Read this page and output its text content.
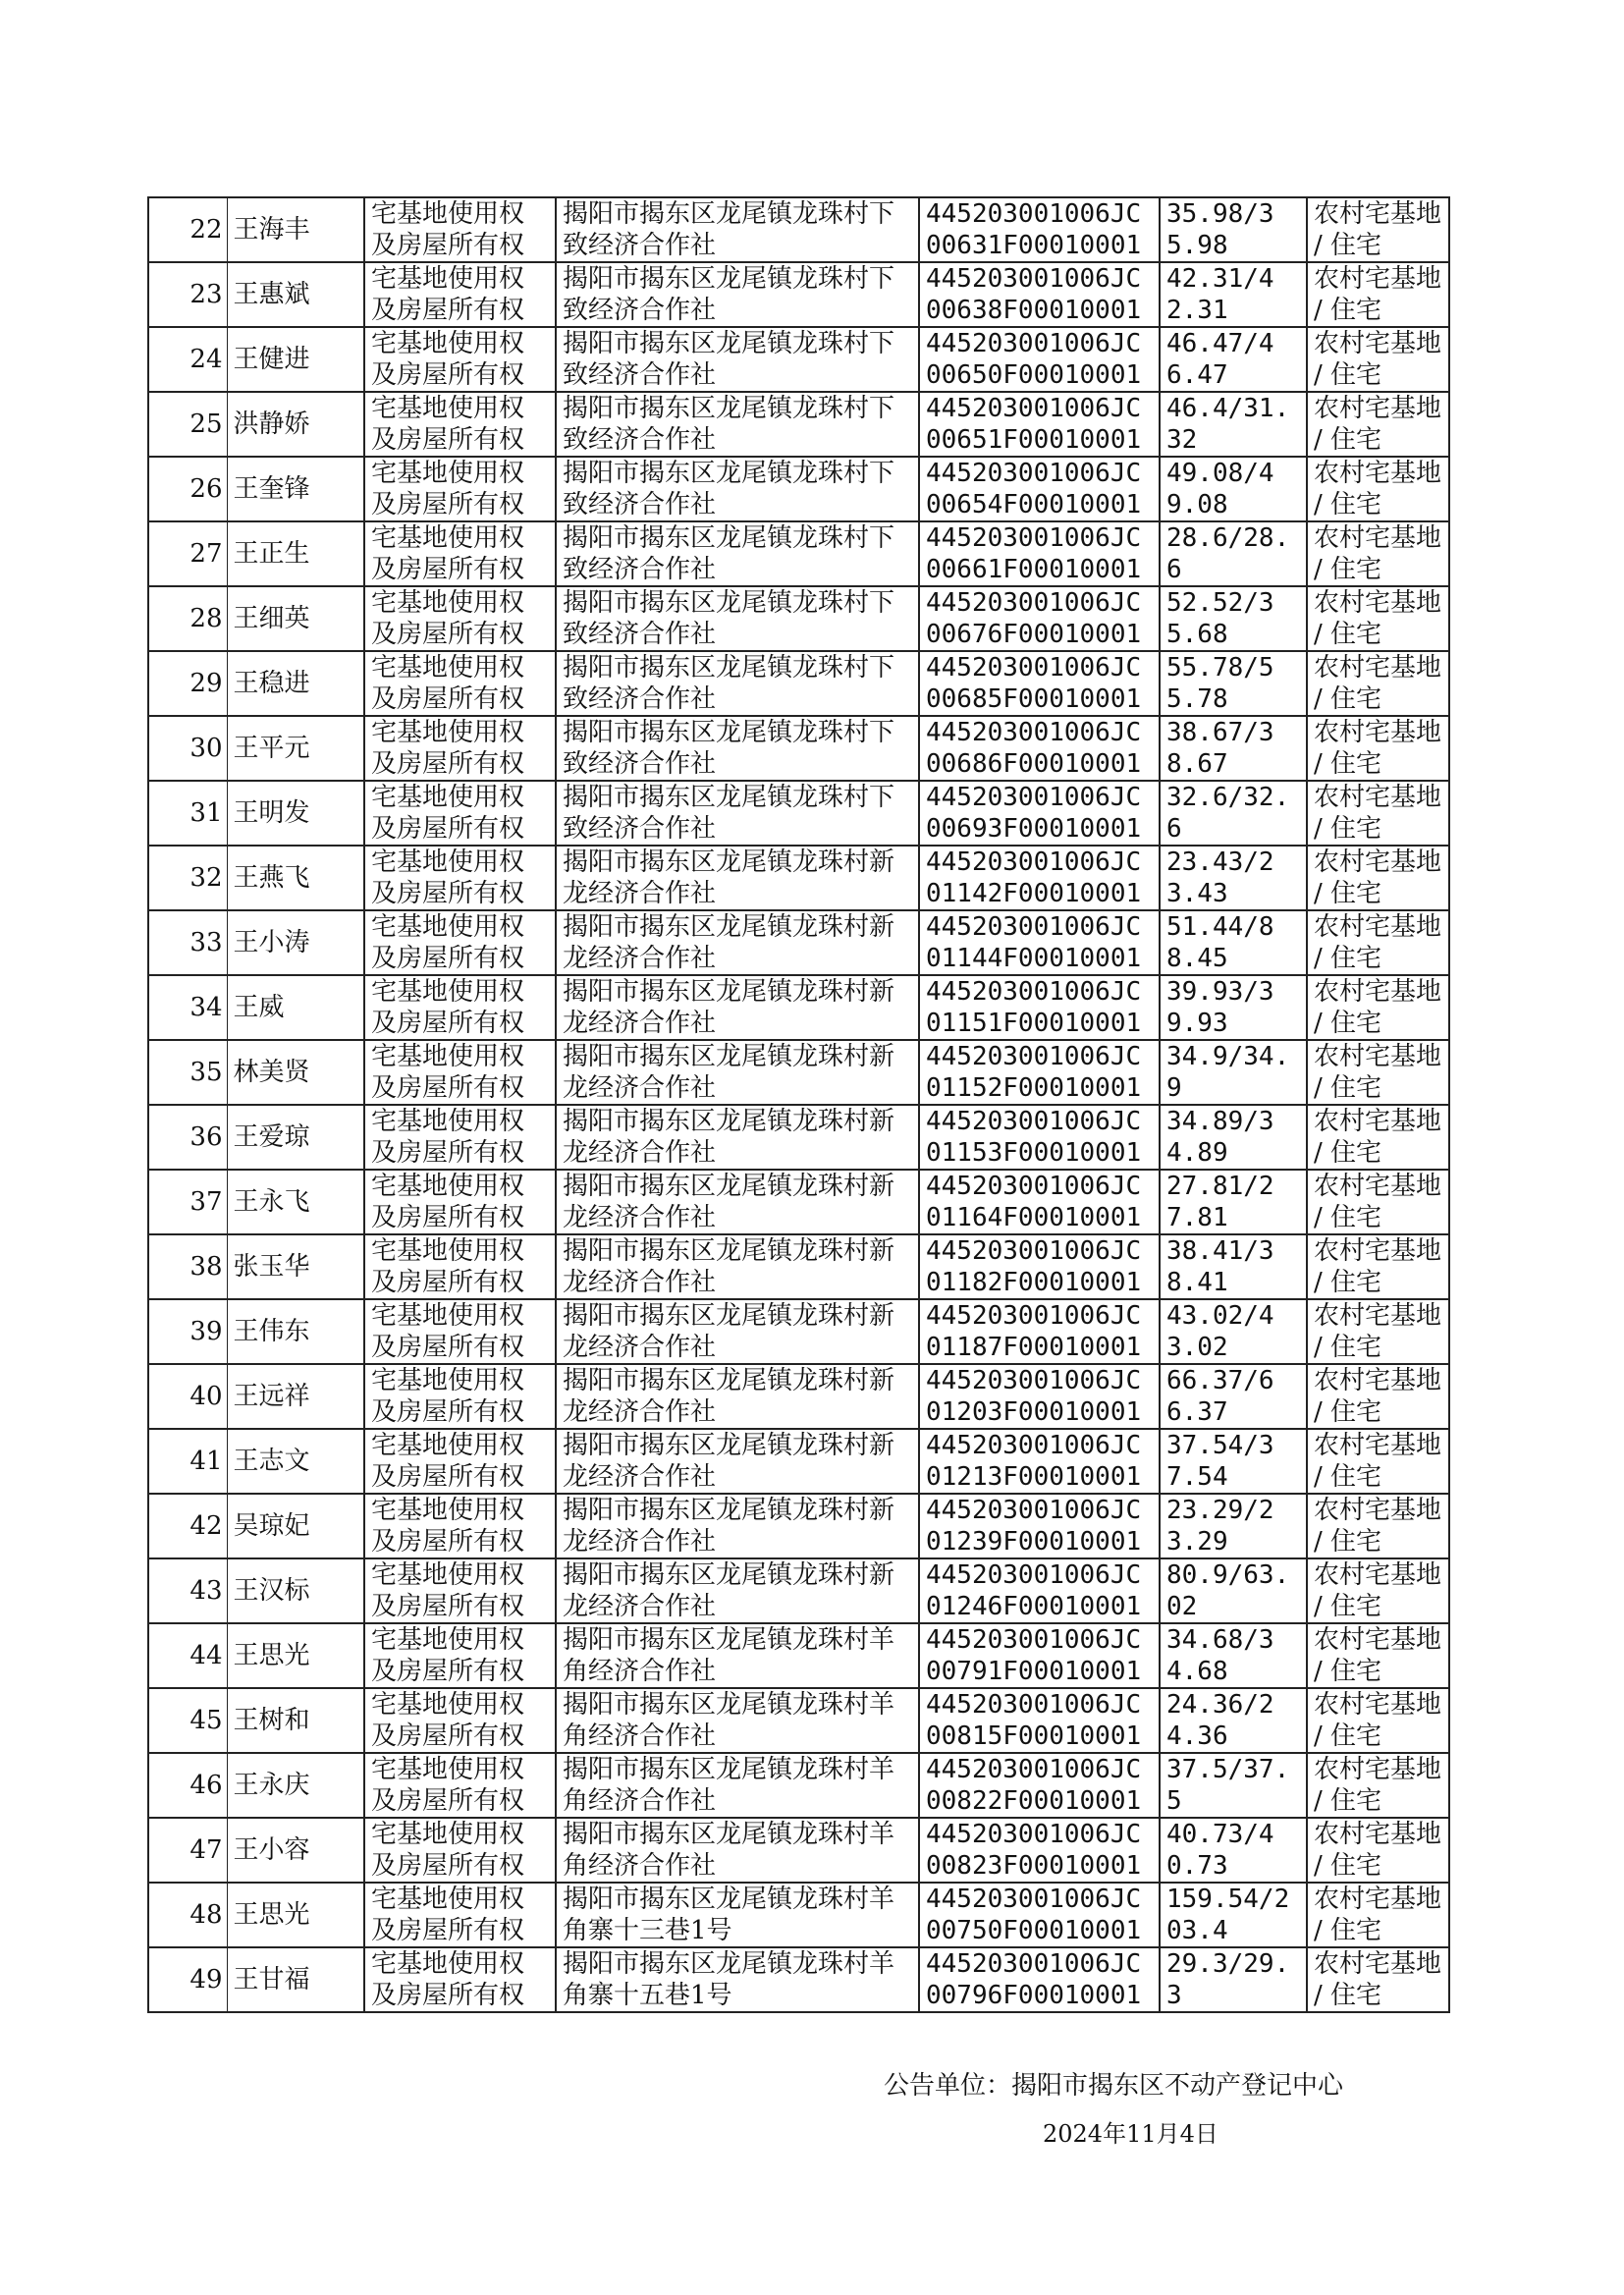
22	王海丰	宅基地使用权及房屋所有权	揭阳市揭东区龙尾镇龙珠村下致经济合作社	445203001006JC00631F00010001	35.98/35.98	农村宅基地 / 住宅
23	王惠斌	宅基地使用权及房屋所有权	揭阳市揭东区龙尾镇龙珠村下致经济合作社	445203001006JC00638F00010001	42.31/42.31	农村宅基地 / 住宅
24	王健进	宅基地使用权及房屋所有权	揭阳市揭东区龙尾镇龙珠村下致经济合作社	445203001006JC00650F00010001	46.47/46.47	农村宅基地 / 住宅
25	洪静娇	宅基地使用权及房屋所有权	揭阳市揭东区龙尾镇龙珠村下致经济合作社	445203001006JC00651F00010001	46.4/31.32	农村宅基地 / 住宅
26	王奎锋	宅基地使用权及房屋所有权	揭阳市揭东区龙尾镇龙珠村下致经济合作社	445203001006JC00654F00010001	49.08/49.08	农村宅基地 / 住宅
27	王正生	宅基地使用权及房屋所有权	揭阳市揭东区龙尾镇龙珠村下致经济合作社	445203001006JC00661F00010001	28.6/28.6	农村宅基地 / 住宅
28	王细英	宅基地使用权及房屋所有权	揭阳市揭东区龙尾镇龙珠村下致经济合作社	445203001006JC00676F00010001	52.52/35.68	农村宅基地 / 住宅
29	王稳进	宅基地使用权及房屋所有权	揭阳市揭东区龙尾镇龙珠村下致经济合作社	445203001006JC00685F00010001	55.78/55.78	农村宅基地 / 住宅
30	王平元	宅基地使用权及房屋所有权	揭阳市揭东区龙尾镇龙珠村下致经济合作社	445203001006JC00686F00010001	38.67/38.67	农村宅基地 / 住宅
31	王明发	宅基地使用权及房屋所有权	揭阳市揭东区龙尾镇龙珠村下致经济合作社	445203001006JC00693F00010001	32.6/32.6	农村宅基地 / 住宅
32	王燕飞	宅基地使用权及房屋所有权	揭阳市揭东区龙尾镇龙珠村新龙经济合作社	445203001006JC01142F00010001	23.43/23.43	农村宅基地 / 住宅
33	王小涛	宅基地使用权及房屋所有权	揭阳市揭东区龙尾镇龙珠村新龙经济合作社	445203001006JC01144F00010001	51.44/88.45	农村宅基地 / 住宅
34	王威	宅基地使用权及房屋所有权	揭阳市揭东区龙尾镇龙珠村新龙经济合作社	445203001006JC01151F00010001	39.93/39.93	农村宅基地 / 住宅
35	林美贤	宅基地使用权及房屋所有权	揭阳市揭东区龙尾镇龙珠村新龙经济合作社	445203001006JC01152F00010001	34.9/34.9	农村宅基地 / 住宅
36	王爱琼	宅基地使用权及房屋所有权	揭阳市揭东区龙尾镇龙珠村新龙经济合作社	445203001006JC01153F00010001	34.89/34.89	农村宅基地 / 住宅
37	王永飞	宅基地使用权及房屋所有权	揭阳市揭东区龙尾镇龙珠村新龙经济合作社	445203001006JC01164F00010001	27.81/27.81	农村宅基地 / 住宅
38	张玉华	宅基地使用权及房屋所有权	揭阳市揭东区龙尾镇龙珠村新龙经济合作社	445203001006JC01182F00010001	38.41/38.41	农村宅基地 / 住宅
39	王伟东	宅基地使用权及房屋所有权	揭阳市揭东区龙尾镇龙珠村新龙经济合作社	445203001006JC01187F00010001	43.02/43.02	农村宅基地 / 住宅
40	王远祥	宅基地使用权及房屋所有权	揭阳市揭东区龙尾镇龙珠村新龙经济合作社	445203001006JC01203F00010001	66.37/66.37	农村宅基地 / 住宅
41	王志文	宅基地使用权及房屋所有权	揭阳市揭东区龙尾镇龙珠村新龙经济合作社	445203001006JC01213F00010001	37.54/37.54	农村宅基地 / 住宅
42	吴琼妃	宅基地使用权及房屋所有权	揭阳市揭东区龙尾镇龙珠村新龙经济合作社	445203001006JC01239F00010001	23.29/23.29	农村宅基地 / 住宅
43	王汉标	宅基地使用权及房屋所有权	揭阳市揭东区龙尾镇龙珠村新龙经济合作社	445203001006JC01246F00010001	80.9/63.02	农村宅基地 / 住宅
44	王思光	宅基地使用权及房屋所有权	揭阳市揭东区龙尾镇龙珠村羊角经济合作社	445203001006JC00791F00010001	34.68/34.68	农村宅基地 / 住宅
45	王树和	宅基地使用权及房屋所有权	揭阳市揭东区龙尾镇龙珠村羊角经济合作社	445203001006JC00815F00010001	24.36/24.36	农村宅基地 / 住宅
46	王永庆	宅基地使用权及房屋所有权	揭阳市揭东区龙尾镇龙珠村羊角经济合作社	445203001006JC00822F00010001	37.5/37.5	农村宅基地 / 住宅
47	王小容	宅基地使用权及房屋所有权	揭阳市揭东区龙尾镇龙珠村羊角经济合作社	445203001006JC00823F00010001	40.73/40.73	农村宅基地 / 住宅
48	王思光	宅基地使用权及房屋所有权	揭阳市揭东区龙尾镇龙珠村羊角寨十三巷1号	445203001006JC00750F00010001	159.54/203.4	农村宅基地 / 住宅
49	王甘福	宅基地使用权及房屋所有权	揭阳市揭东区龙尾镇龙珠村羊角寨十五巷1号	445203001006JC00796F00010001	29.3/29.3	农村宅基地 / 住宅
公告单位：揭阳市揭东区不动产登记中心
2024年11月4日
